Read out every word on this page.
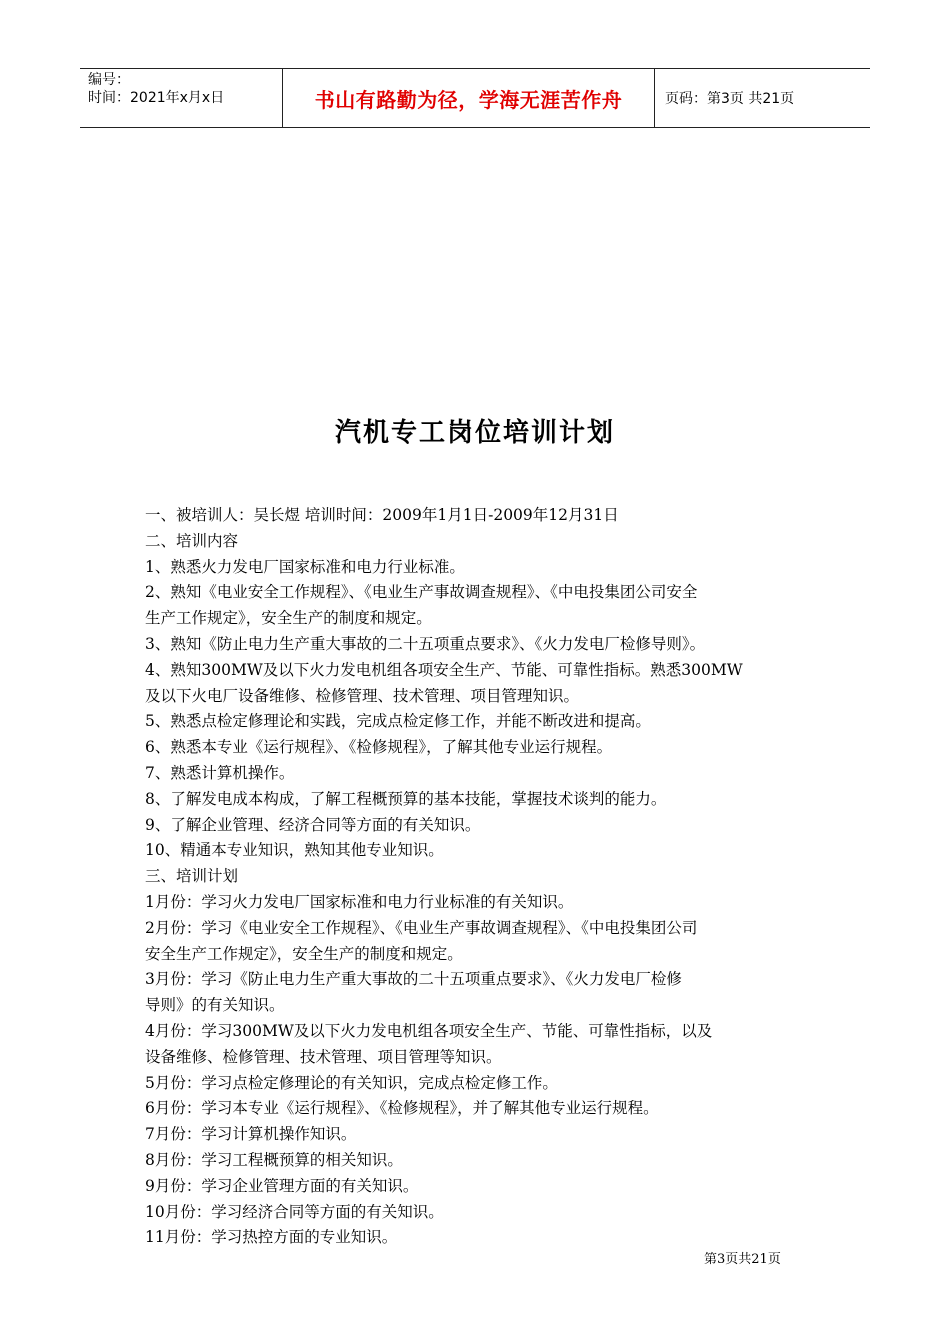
编号：
时间：2021年x月x日	书山有路勤为径，学海无涯苦作舟	页码：第3页 共21页
汽机专工岗位培训计划

一、被培训人：吴长煜 培训时间：2009年1月1日-2009年12月31日

二、培训内容

1、熟悉火力发电厂国家标准和电力行业标准。

2、熟知《电业安全工作规程》、《电业生产事故调查规程》、《中电投集团公司安全

生产工作规定》，安全生产的制度和规定。

3、熟知《防止电力生产重大事故的二十五项重点要求》、《火力发电厂检修导则》。

4、熟知300MW及以下火力发电机组各项安全生产、节能、可靠性指标。熟悉300MW

及以下火电厂设备维修、检修管理、技术管理、项目管理知识。

5、熟悉点检定修理论和实践，完成点检定修工作，并能不断改进和提高。

6、熟悉本专业《运行规程》、《检修规程》，了解其他专业运行规程。

7、熟悉计算机操作。

8、了解发电成本构成，了解工程概预算的基本技能，掌握技术谈判的能力。

9、了解企业管理、经济合同等方面的有关知识。

10、精通本专业知识，熟知其他专业知识。

三、培训计划

1月份：学习火力发电厂国家标准和电力行业标准的有关知识。

2月份：学习《电业安全工作规程》、《电业生产事故调查规程》、《中电投集团公司

安全生产工作规定》，安全生产的制度和规定。

3月份：学习《防止电力生产重大事故的二十五项重点要求》、《火力发电厂检修

导则》的有关知识。

4月份：学习300MW及以下火力发电机组各项安全生产、节能、可靠性指标，以及

设备维修、检修管理、技术管理、项目管理等知识。

5月份：学习点检定修理论的有关知识，完成点检定修工作。

6月份：学习本专业《运行规程》、《检修规程》，并了解其他专业运行规程。

7月份：学习计算机操作知识。

8月份：学习工程概预算的相关知识。

9月份：学习企业管理方面的有关知识。

10月份：学习经济合同等方面的有关知识。

11月份：学习热控方面的专业知识。

第3页共21页
